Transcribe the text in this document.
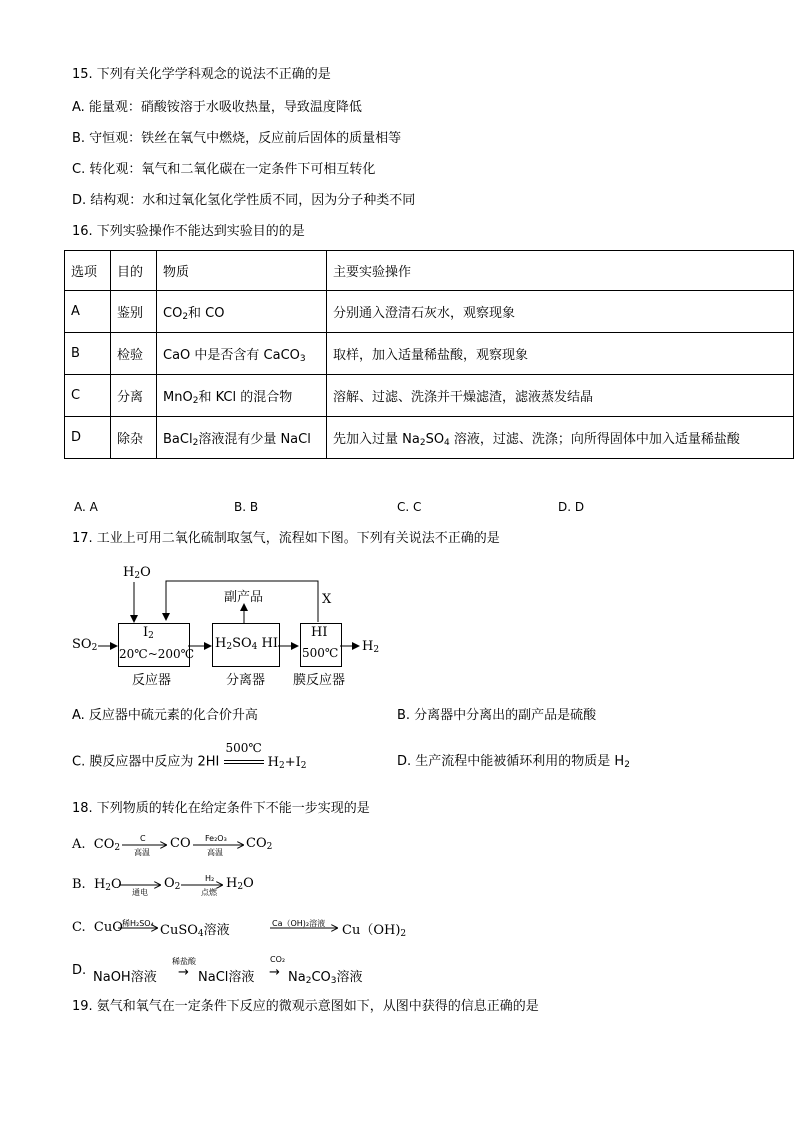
15. 下列有关化学学科观念的说法不正确的是
A. 能量观：硝酸铵溶于水吸收热量，导致温度降低
B. 守恒观：铁丝在氧气中燃烧，反应前后固体的质量相等
C. 转化观：氧气和二氧化碳在一定条件下可相互转化
D. 结构观：水和过氧化氢化学性质不同，因为分子种类不同
16. 下列实验操作不能达到实验目的的是
选项	目的	物质	主要实验操作
A	鉴别	$CO_2$和 CO	分别通入澄清石灰水，观察现象
B	检验	CaO 中是否含有 CaCO$_3$	取样，加入适量稀盐酸，观察现象
C	分离	MnO$_2$和 KCl 的混合物	溶解、过滤、洗涤并干燥滤渣，滤液蒸发结晶
D	除杂	BaCl$_2$溶液混有少量 NaCl	先加入过量 $Na_2SO_4$ 溶液，过滤、洗涤；向所得固体中加入适量稀盐酸
A. A	B. B	C. C	D. D
17. 工业上可用二氧化硫制取氢气，流程如下图。下列有关说法不正确的是
$H_2O$
副产品	X
$SO_2$
$I_2$
20℃~200℃
$H_2SO_4$ HI
HI
500℃ $H_2$
反应器	分离器 膜反应器
A. 反应器中硫元素的化合价升高	B. 分离器中分离出的副产品是硫酸
C. 膜反应器中反应为 2HI
500℃
$H_2+I_2$	D. 生产流程中能被循环利用的物质是 $H_2$
18. 下列物质的转化在给定条件下不能一步实现的是
A.  $CO_2$
C
高温
CO Fe₂O₃
高温
$CO_2$
B.  $H_2O$
通电
$O_2$
H₂
点燃
$H_2O$
C.  CuO 稀H₂SO₄ CuSO$_4$溶液	Ca（OH)₂溶液 $Cu(OH)_2$
D. NaOH溶液
稀盐酸
→ NaCl溶液
CO₂
→ $Na_2CO_3$溶液
19. 氨气和氧气在一定条件下反应的微观示意图如下，从图中获得的信息正确的是
